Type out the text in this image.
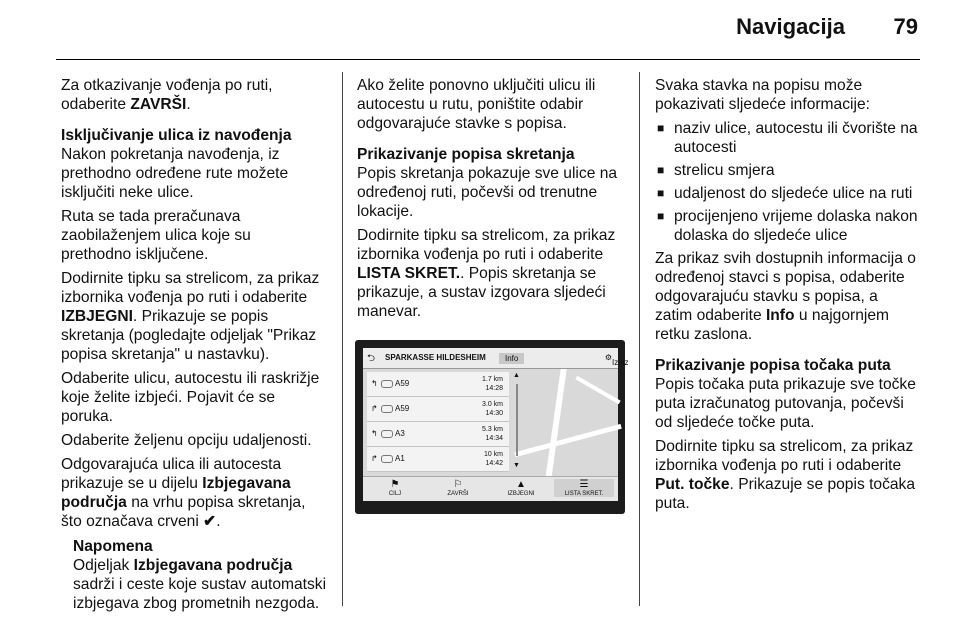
Navigacija 79

Za otkazivanje vođenja po ruti,
odaberite ZAVRŠI.

Isključivanje ulica iz navođenja

Nakon pokretanja navođenja, iz
prethodno određene rute možete
isključiti neke ulice.

Ruta se tada preračunava
zaobilaženjem ulica koje su
prethodno isključene.

Dodirnite tipku sa strelicom, za prikaz
izbornika vođenja po ruti i odaberite
IZBJEGNI. Prikazuje se popis
skretanja (pogledajte odjeljak "Prikaz
popisa skretanja" u nastavku).

Odaberite ulicu, autocestu ili raskrižje
koje želite izbjeći. Pojavit će se
poruka.

Odaberite željenu opciju udaljenosti.

Odgovarajuća ulica ili autocesta
prikazuje se u dijelu Izbjegavana
područja na vrhu popisa skretanja,
što označava crveni ✔.

Napomena
Odjeljak Izbjegavana područja
sadrži i ceste koje sustav automatski
izbjegava zbog prometnih nezgoda.

Ako želite ponovno uključiti ulicu ili
autocestu u rutu, poništite odabir
odgovarajuće stavke s popisa.

Prikazivanje popisa skretanja

Popis skretanja pokazuje sve ulice na
određenoj ruti, počevši od trenutne
lokacije.

Dodirnite tipku sa strelicom, za prikaz
izbornika vođenja po ruti i odaberite
LISTA SKRET.. Popis skretanja se
prikazuje, a sustav izgovara sljedeći
manevar.

⮌ SPARKASSE HILDESHEIM	Info	⚙
Izlaz
↰ A59	1.7 km
14:28
↱ A59	3.0 km
14:30
↰ A3	5.3 km
14:34
↱ A1	10 km
14:42
▲
▼
⚑
CILJ
⚐
ZAVRŠI
▲
IZBJEGNI
☰
LISTA SKRET.

Svaka stavka na popisu može
pokazivati sljedeće informacije:

■ naziv ulice, autocestu ili čvorište na
autocesti
■ strelicu smjera
■ udaljenost do sljedeće ulice na ruti
■ procijenjeno vrijeme dolaska nakon
dolaska do sljedeće ulice

Za prikaz svih dostupnih informacija o
određenoj stavci s popisa, odaberite
odgovarajuću stavku s popisa, a
zatim odaberite Info u najgornjem
retku zaslona.

Prikazivanje popisa točaka puta

Popis točaka puta prikazuje sve točke
puta izračunatog putovanja, počevši
od sljedeće točke puta.

Dodirnite tipku sa strelicom, za prikaz
izbornika vođenja po ruti i odaberite
Put. točke. Prikazuje se popis točaka
puta.
